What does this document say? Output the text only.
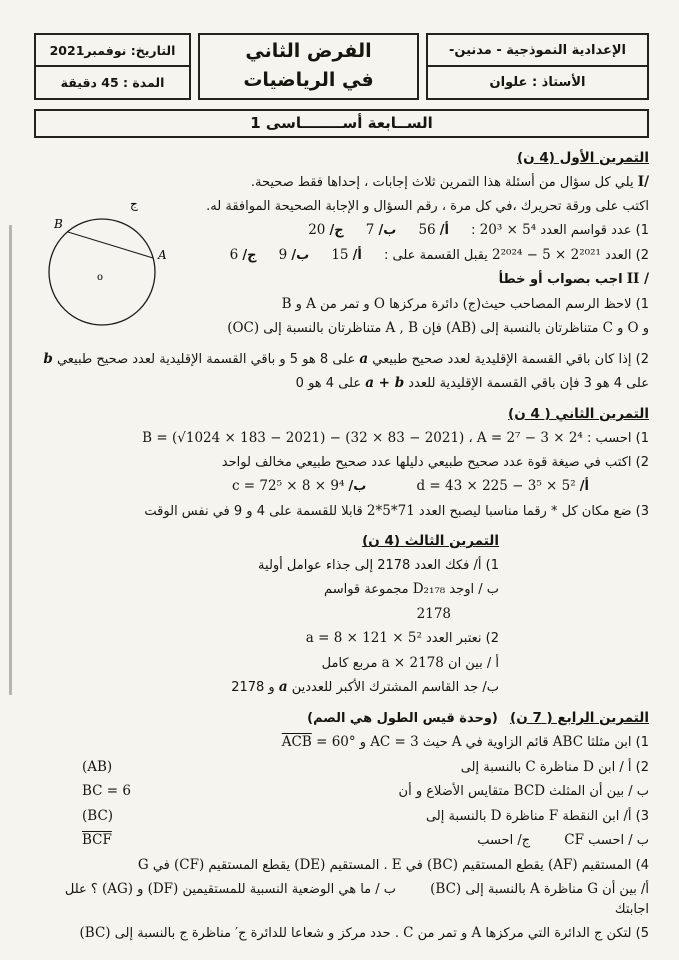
الإعدادية النموذجية - مدنين-
الأستاذ : علوان
الفرض الثاني
في الرياضيات
التاريخ: نوفمبر2021
المدة : 45 دقيقة
الســابعة أســــــــاسى 1
التمرين الأول (4 ن)
I/ يلي كل سؤال من أسئلة هذا التمرين ثلاث إجابات ، إحداها فقط صحيحة.
اكتب على ورقة تحريرك ،في كل مرة ، رقم السؤال و الإجابة الصحيحة الموافقة له.
1) عدد قواسم العدد 20³ × 5⁴ : أ/ 56 ب/ 7 ج/ 20
2) العدد 2²⁰²⁴ − 5 × 2²⁰²¹ يقبل القسمة على : أ/ 15 ب/ 9 ج/ 6
II / اجب بصواب أو خطأ
1) لاحظ الرسم المصاحب حيث(ج) دائرة مركزها O و تمر من A و B
و O و C متناظرتان بالنسبة إلى (AB) فإن A , B متناظرتان بالنسبة إلى (OC)
2) إذا كان باقي القسمة الإقليدية لعدد صحيح طبيعي a على 8 هو 5 و باقي القسمة الإقليدية لعدد صحيح طبيعي b
على 4 هو 3 فإن باقي القسمة الإقليدية للعدد a + b على 4 هو 0
التمرين الثاني ( 4 ن)
1) احسب : A = 2⁷ − 3 × 2⁴ ، B = (√1024 × 183 − 2021) − (32 × 83 − 2021)
2) اكتب في صيغة قوة عدد صحيح طبيعي دليلها عدد صحيح طبيعي مخالف لواحد
أ/ d = 43 × 225 − 3⁵ × 5² ب/ c = 72⁵ × 8 × 9⁴
3) ضع مكان كل * رقما مناسبا ليصبح العدد 2*5*71 قابلا للقسمة على 4 و 9 في نفس الوقت
التمرين الثالث (4 ن)
1) أ/ فكك العدد 2178 إلى جذاء عوامل أولية
ب / اوجد D₂₁₇₈ مجموعة قواسم
2178
2) نعتبر العدد a = 8 × 121 × 5²
أ / بين ان a × 2178 مربع كامل
ب/ جد القاسم المشترك الأكبر للعددين a و 2178
التمرين الرابع ( 7 ن) (وحدة قيس الطول هي الصم)
1) ابن مثلثا ABC قائم الزاوية في A حيث AC = 3 و $\overline{ACB} = 60^\circ$
2) أ / ابن D مناظرة C بالنسبة إلى
(AB)
ب / بين أن المثلث BCD متقايس الأضلاع و أن
BC = 6
3) أ/ ابن النقطة F مناظرة D بالنسبة إلى
(BC)
ب / احسب CF ج/ احسب
$\overline{BCF}$
4) المستقيم (AF) يقطع المستقيم (BC) في E . المستقيم (DE) يقطع المستقيم (CF) في G
أ/ بين أن G مناظرة A بالنسبة إلى (BC) ب / ما هي الوضعية النسبية للمستقيمين (DF) و (AG) ؟ علل اجابتك
5) لتكن ج الدائرة التي مركزها A و تمر من C . حدد مركز و شعاعا للدائرة ج′ مناظرة ج بالنسبة إلى (BC)
B
A
o
ج
